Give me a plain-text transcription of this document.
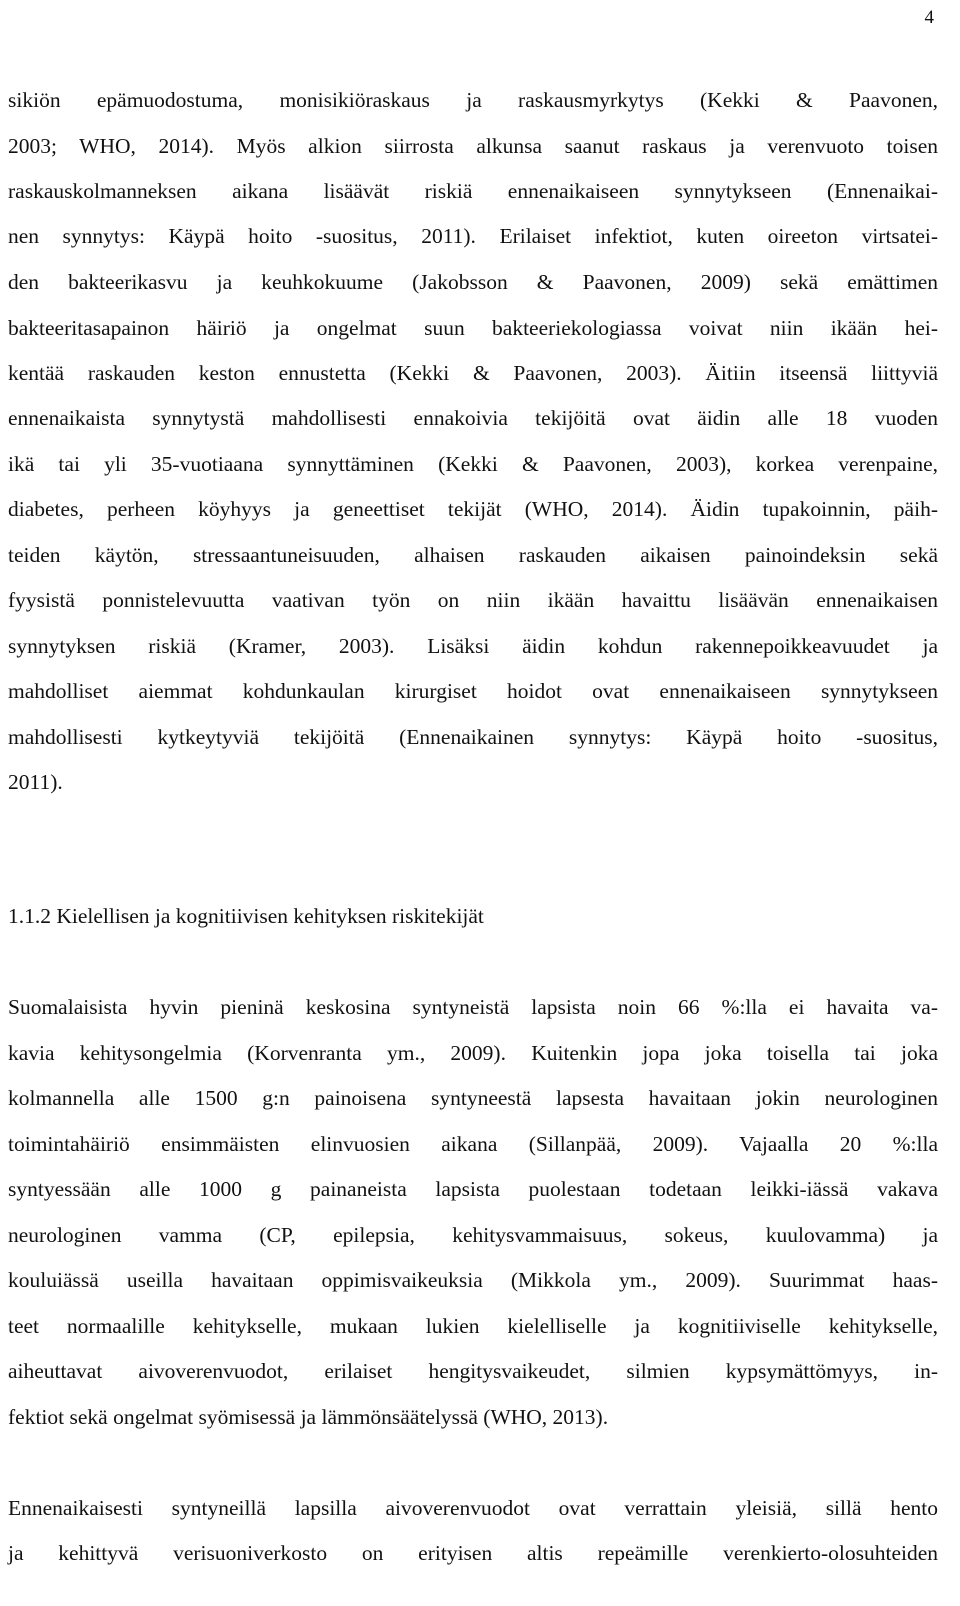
4
sikiön epämuodostuma, monisikiöraskaus ja raskausmyrkytys (Kekki & Paavonen,
2003; WHO, 2014). Myös alkion siirrosta alkunsa saanut raskaus ja verenvuoto toisen
raskauskolmanneksen aikana lisäävät riskiä ennenaikaiseen synnytykseen (Ennenaikai-
nen synnytys: Käypä hoito -suositus, 2011). Erilaiset infektiot, kuten oireeton virtsatei-
den bakteerikasvu ja keuhkokuume (Jakobsson & Paavonen, 2009) sekä emättimen
bakteeritasapainon häiriö ja ongelmat suun bakteeriekologiassa voivat niin ikään hei-
kentää raskauden keston ennustetta (Kekki & Paavonen, 2003). Äitiin itseensä liittyviä
ennenaikaista synnytystä mahdollisesti ennakoivia tekijöitä ovat äidin alle 18 vuoden
ikä tai yli 35-vuotiaana synnyttäminen (Kekki & Paavonen, 2003), korkea verenpaine,
diabetes, perheen köyhyys ja geneettiset tekijät (WHO, 2014). Äidin tupakoinnin, päih-
teiden käytön, stressaantuneisuuden, alhaisen raskauden aikaisen painoindeksin sekä
fyysistä ponnistelevuutta vaativan työn on niin ikään havaittu lisäävän ennenaikaisen
synnytyksen riskiä (Kramer, 2003). Lisäksi äidin kohdun rakennepoikkeavuudet ja
mahdolliset aiemmat kohdunkaulan kirurgiset hoidot ovat ennenaikaiseen synnytykseen
mahdollisesti kytkeytyviä tekijöitä (Ennenaikainen synnytys: Käypä hoito -suositus,
2011).
1.1.2 Kielellisen ja kognitiivisen kehityksen riskitekijät
Suomalaisista hyvin pieninä keskosina syntyneistä lapsista noin 66 %:lla ei havaita va-
kavia kehitysongelmia (Korvenranta ym., 2009). Kuitenkin jopa joka toisella tai joka
kolmannella alle 1500 g:n painoisena syntyneestä lapsesta havaitaan jokin neurologinen
toimintahäiriö ensimmäisten elinvuosien aikana (Sillanpää, 2009). Vajaalla 20 %:lla
syntyessään alle 1000 g painaneista lapsista puolestaan todetaan leikki-iässä vakava
neurologinen vamma (CP, epilepsia, kehitysvammaisuus, sokeus, kuulovamma) ja
kouluiässä useilla havaitaan oppimisvaikeuksia (Mikkola ym., 2009). Suurimmat haas-
teet normaalille kehitykselle, mukaan lukien kielelliselle ja kognitiiviselle kehitykselle,
aiheuttavat aivoverenvuodot, erilaiset hengitysvaikeudet, silmien kypsymättömyys, in-
fektiot sekä ongelmat syömisessä ja lämmönsäätelyssä (WHO, 2013).
Ennenaikaisesti syntyneillä lapsilla aivoverenvuodot ovat verrattain yleisiä, sillä hento
ja kehittyvä verisuoniverkosto on erityisen altis repeämille verenkierto-olosuhteiden
